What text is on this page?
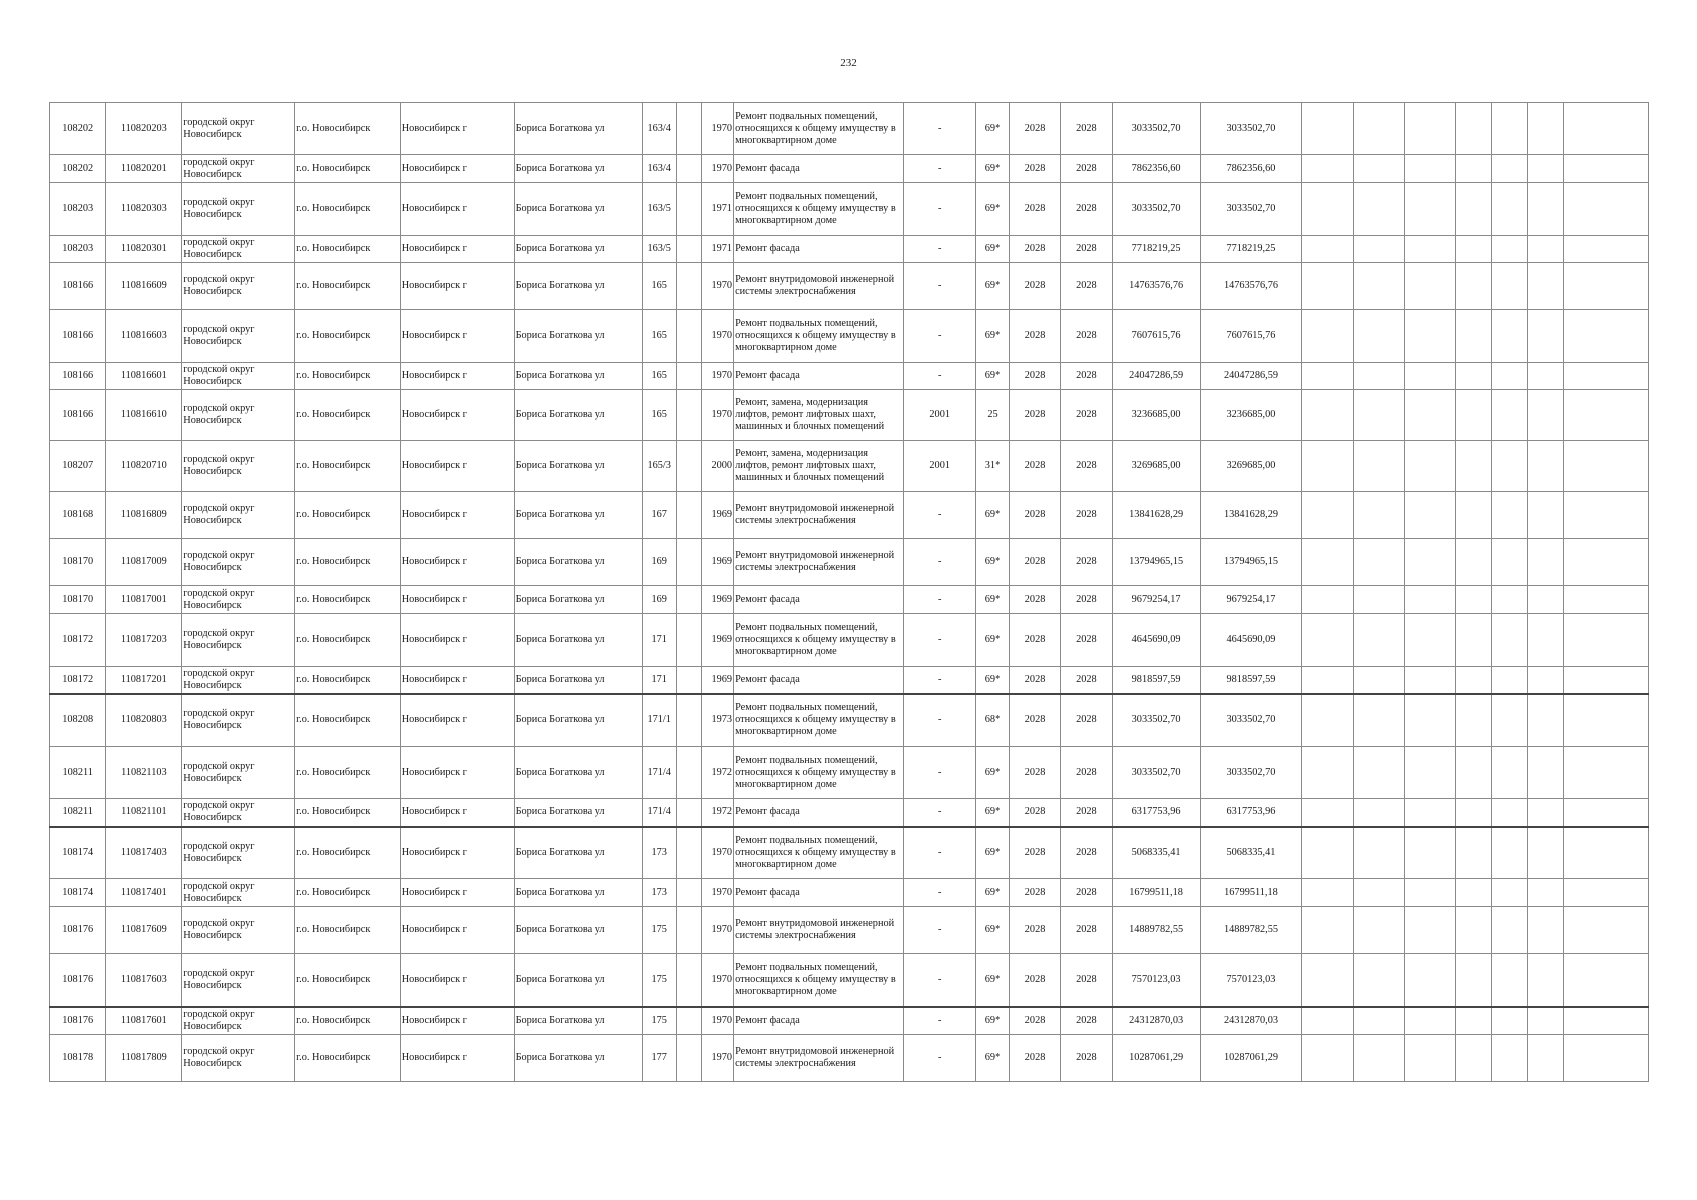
232
108202	110820203	городской округ Новосибирск	г.о. Новосибирск	Новосибирск г	Бориса Богаткова ул	163/4		1970	Ремонт подвальных помещений, относящихся к общему имуществу в многоквартирном доме	-	69*	2028	2028	3033502,70	3033502,70							
108202	110820201	городской округ Новосибирск	г.о. Новосибирск	Новосибирск г	Бориса Богаткова ул	163/4		1970	Ремонт фасада	-	69*	2028	2028	7862356,60	7862356,60							
108203	110820303	городской округ Новосибирск	г.о. Новосибирск	Новосибирск г	Бориса Богаткова ул	163/5		1971	Ремонт подвальных помещений, относящихся к общему имуществу в многоквартирном доме	-	69*	2028	2028	3033502,70	3033502,70							
108203	110820301	городской округ Новосибирск	г.о. Новосибирск	Новосибирск г	Бориса Богаткова ул	163/5		1971	Ремонт фасада	-	69*	2028	2028	7718219,25	7718219,25							
108166	110816609	городской округ Новосибирск	г.о. Новосибирск	Новосибирск г	Бориса Богаткова ул	165		1970	Ремонт внутридомовой инженерной системы электроснабжения	-	69*	2028	2028	14763576,76	14763576,76							
108166	110816603	городской округ Новосибирск	г.о. Новосибирск	Новосибирск г	Бориса Богаткова ул	165		1970	Ремонт подвальных помещений, относящихся к общему имуществу в многоквартирном доме	-	69*	2028	2028	7607615,76	7607615,76							
108166	110816601	городской округ Новосибирск	г.о. Новосибирск	Новосибирск г	Бориса Богаткова ул	165		1970	Ремонт фасада	-	69*	2028	2028	24047286,59	24047286,59							
108166	110816610	городской округ Новосибирск	г.о. Новосибирск	Новосибирск г	Бориса Богаткова ул	165		1970	Ремонт, замена, модернизация лифтов, ремонт лифтовых шахт, машинных и блочных помещений	2001	25	2028	2028	3236685,00	3236685,00							
108207	110820710	городской округ Новосибирск	г.о. Новосибирск	Новосибирск г	Бориса Богаткова ул	165/3		2000	Ремонт, замена, модернизация лифтов, ремонт лифтовых шахт, машинных и блочных помещений	2001	31*	2028	2028	3269685,00	3269685,00							
108168	110816809	городской округ Новосибирск	г.о. Новосибирск	Новосибирск г	Бориса Богаткова ул	167		1969	Ремонт внутридомовой инженерной системы электроснабжения	-	69*	2028	2028	13841628,29	13841628,29							
108170	110817009	городской округ Новосибирск	г.о. Новосибирск	Новосибирск г	Бориса Богаткова ул	169		1969	Ремонт внутридомовой инженерной системы электроснабжения	-	69*	2028	2028	13794965,15	13794965,15							
108170	110817001	городской округ Новосибирск	г.о. Новосибирск	Новосибирск г	Бориса Богаткова ул	169		1969	Ремонт фасада	-	69*	2028	2028	9679254,17	9679254,17							
108172	110817203	городской округ Новосибирск	г.о. Новосибирск	Новосибирск г	Бориса Богаткова ул	171		1969	Ремонт подвальных помещений, относящихся к общему имуществу в многоквартирном доме	-	69*	2028	2028	4645690,09	4645690,09							
108172	110817201	городской округ Новосибирск	г.о. Новосибирск	Новосибирск г	Бориса Богаткова ул	171		1969	Ремонт фасада	-	69*	2028	2028	9818597,59	9818597,59							
108208	110820803	городской округ Новосибирск	г.о. Новосибирск	Новосибирск г	Бориса Богаткова ул	171/1		1973	Ремонт подвальных помещений, относящихся к общему имуществу в многоквартирном доме	-	68*	2028	2028	3033502,70	3033502,70							
108211	110821103	городской округ Новосибирск	г.о. Новосибирск	Новосибирск г	Бориса Богаткова ул	171/4		1972	Ремонт подвальных помещений, относящихся к общему имуществу в многоквартирном доме	-	69*	2028	2028	3033502,70	3033502,70							
108211	110821101	городской округ Новосибирск	г.о. Новосибирск	Новосибирск г	Бориса Богаткова ул	171/4		1972	Ремонт фасада	-	69*	2028	2028	6317753,96	6317753,96							
108174	110817403	городской округ Новосибирск	г.о. Новосибирск	Новосибирск г	Бориса Богаткова ул	173		1970	Ремонт подвальных помещений, относящихся к общему имуществу в многоквартирном доме	-	69*	2028	2028	5068335,41	5068335,41							
108174	110817401	городской округ Новосибирск	г.о. Новосибирск	Новосибирск г	Бориса Богаткова ул	173		1970	Ремонт фасада	-	69*	2028	2028	16799511,18	16799511,18							
108176	110817609	городской округ Новосибирск	г.о. Новосибирск	Новосибирск г	Бориса Богаткова ул	175		1970	Ремонт внутридомовой инженерной системы электроснабжения	-	69*	2028	2028	14889782,55	14889782,55							
108176	110817603	городской округ Новосибирск	г.о. Новосибирск	Новосибирск г	Бориса Богаткова ул	175		1970	Ремонт подвальных помещений, относящихся к общему имуществу в многоквартирном доме	-	69*	2028	2028	7570123,03	7570123,03							
108176	110817601	городской округ Новосибирск	г.о. Новосибирск	Новосибирск г	Бориса Богаткова ул	175		1970	Ремонт фасада	-	69*	2028	2028	24312870,03	24312870,03							
108178	110817809	городской округ Новосибирск	г.о. Новосибирск	Новосибирск г	Бориса Богаткова ул	177		1970	Ремонт внутридомовой инженерной системы электроснабжения	-	69*	2028	2028	10287061,29	10287061,29							
